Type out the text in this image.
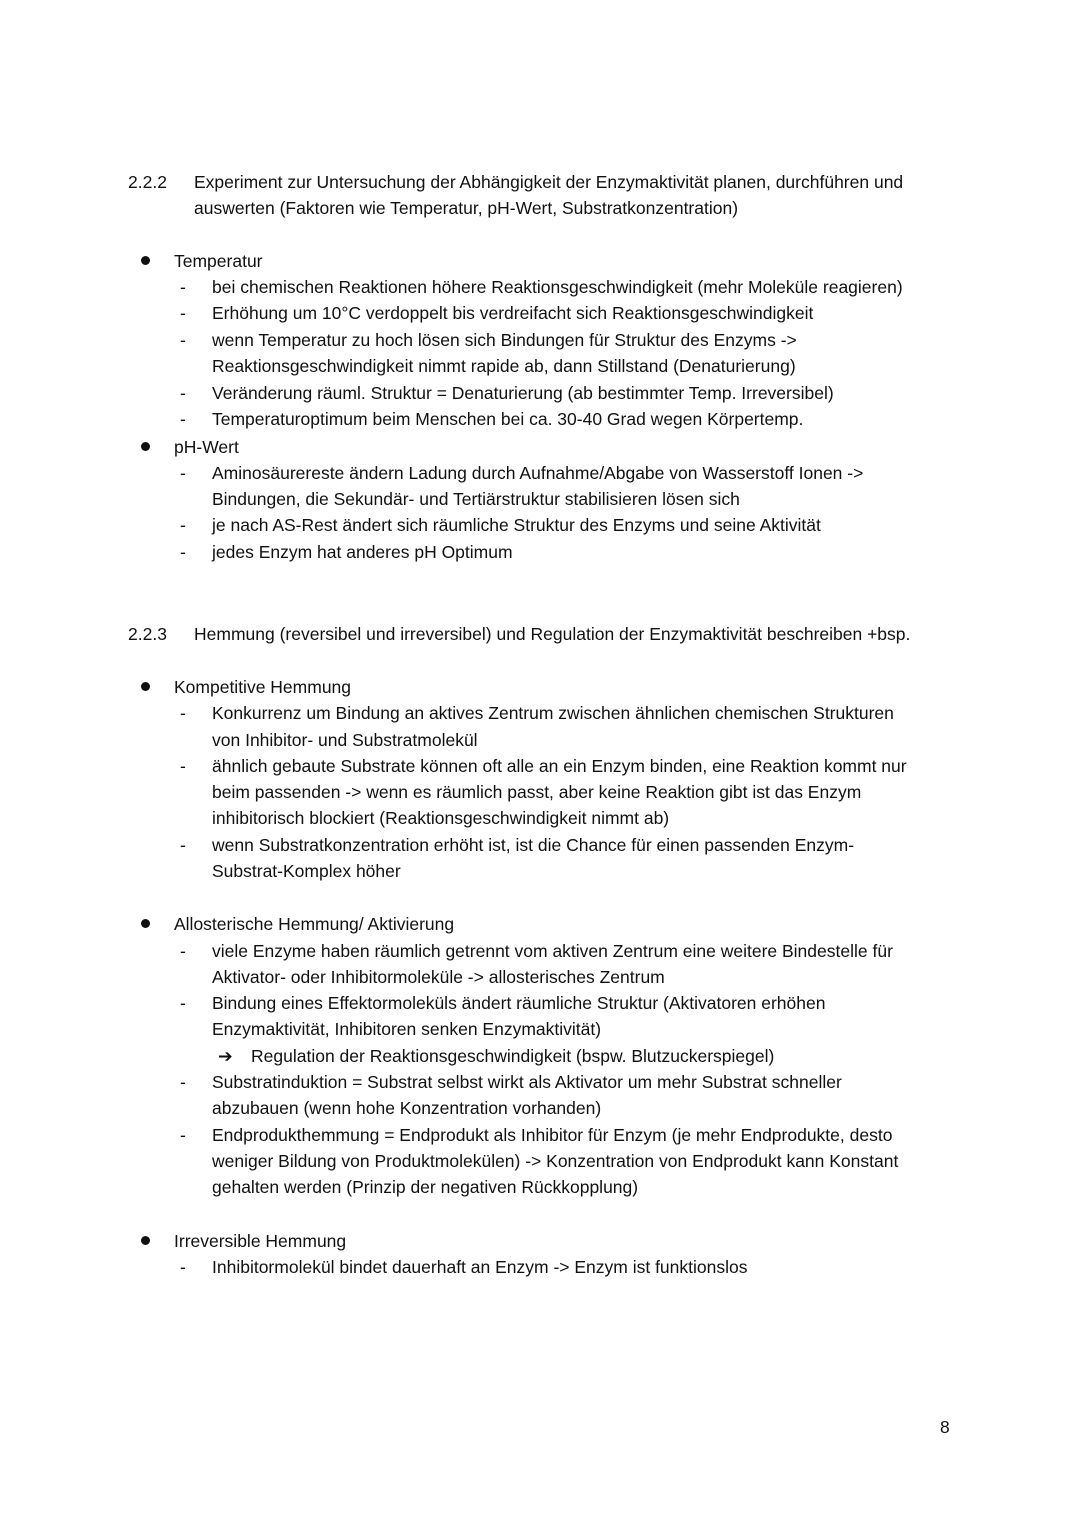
2.2.2 Experiment zur Untersuchung der Abhängigkeit der Enzymaktivität planen, durchführen und
auswerten (Faktoren wie Temperatur, pH-Wert, Substratkonzentration)
Temperatur
- bei chemischen Reaktionen höhere Reaktionsgeschwindigkeit (mehr Moleküle reagieren)
- Erhöhung um 10°C verdoppelt bis verdreifacht sich Reaktionsgeschwindigkeit
- wenn Temperatur zu hoch lösen sich Bindungen für Struktur des Enzyms ->
Reaktionsgeschwindigkeit nimmt rapide ab, dann Stillstand (Denaturierung)
- Veränderung räuml. Struktur = Denaturierung (ab bestimmter Temp. Irreversibel)
- Temperaturoptimum beim Menschen bei ca. 30-40 Grad wegen Körpertemp.
pH-Wert
- Aminosäurereste ändern Ladung durch Aufnahme/Abgabe von Wasserstoff Ionen ->
Bindungen, die Sekundär- und Tertiärstruktur stabilisieren lösen sich
- je nach AS-Rest ändert sich räumliche Struktur des Enzyms und seine Aktivität
- jedes Enzym hat anderes pH Optimum
2.2.3 Hemmung (reversibel und irreversibel) und Regulation der Enzymaktivität beschreiben +bsp.
Kompetitive Hemmung
- Konkurrenz um Bindung an aktives Zentrum zwischen ähnlichen chemischen Strukturen
von Inhibitor- und Substratmolekül
- ähnlich gebaute Substrate können oft alle an ein Enzym binden, eine Reaktion kommt nur
beim passenden -> wenn es räumlich passt, aber keine Reaktion gibt ist das Enzym
inhibitorisch blockiert (Reaktionsgeschwindigkeit nimmt ab)
- wenn Substratkonzentration erhöht ist, ist die Chance für einen passenden Enzym-
Substrat-Komplex höher
Allosterische Hemmung/ Aktivierung
- viele Enzyme haben räumlich getrennt vom aktiven Zentrum eine weitere Bindestelle für
Aktivator- oder Inhibitormoleküle -> allosterisches Zentrum
- Bindung eines Effektormoleküls ändert räumliche Struktur (Aktivatoren erhöhen
Enzymaktivität, Inhibitoren senken Enzymaktivität)
➔ Regulation der Reaktionsgeschwindigkeit (bspw. Blutzuckerspiegel)
- Substratinduktion = Substrat selbst wirkt als Aktivator um mehr Substrat schneller
abzubauen (wenn hohe Konzentration vorhanden)
- Endprodukthemmung = Endprodukt als Inhibitor für Enzym (je mehr Endprodukte, desto
weniger Bildung von Produktmolekülen) -> Konzentration von Endprodukt kann Konstant
gehalten werden (Prinzip der negativen Rückkopplung)
Irreversible Hemmung
- Inhibitormolekül bindet dauerhaft an Enzym -> Enzym ist funktionslos
8
